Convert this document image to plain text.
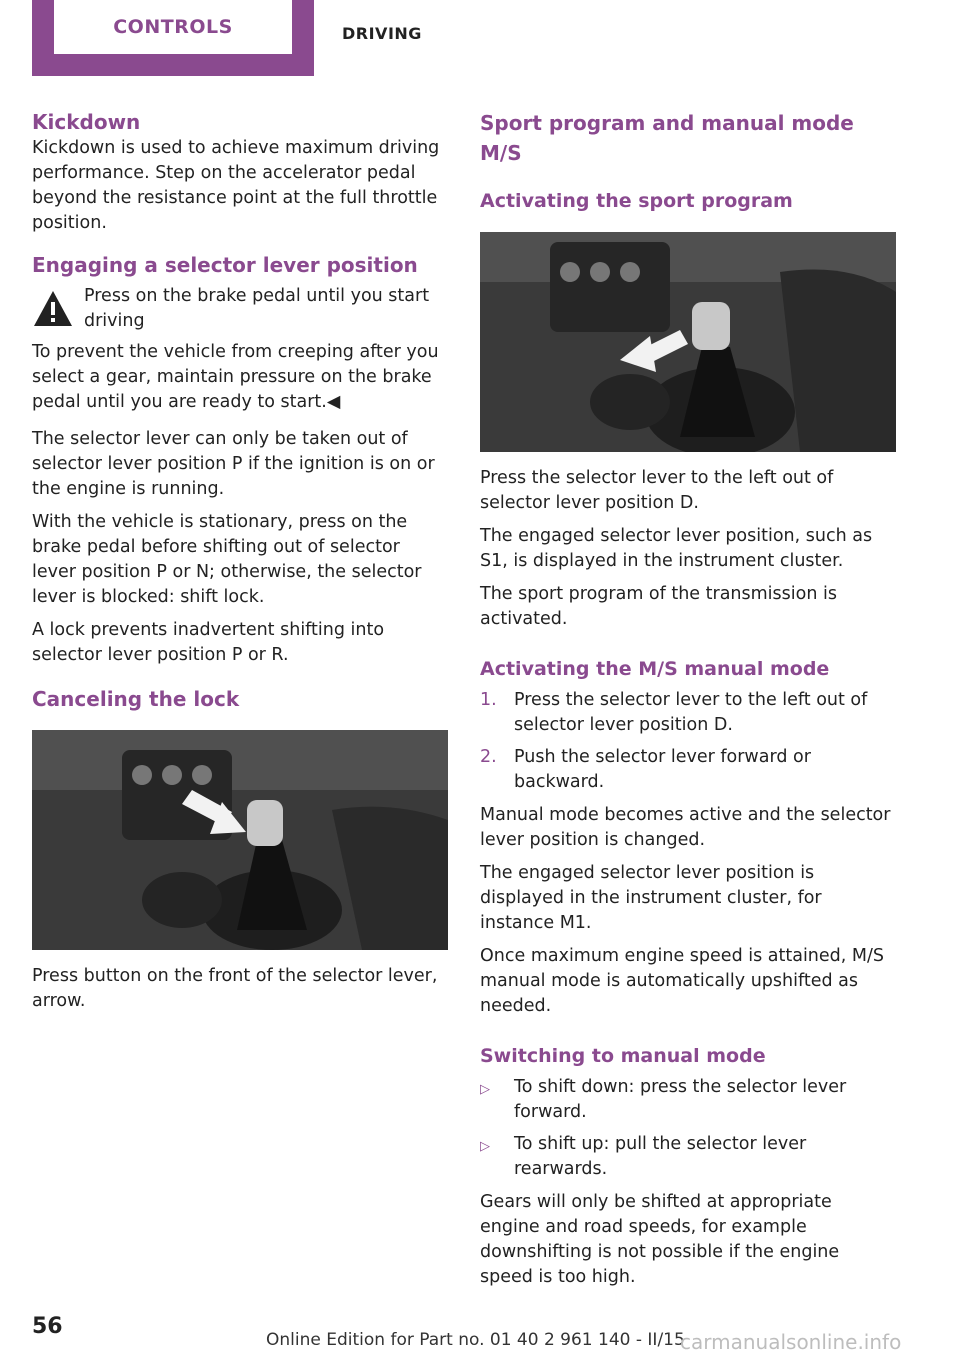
CONTROLS	DRIVING
Kickdown

Kickdown is used to achieve maximum driving performance. Step on the accelerator pedal beyond the resistance point at the full throttle position.

Engaging a selector lever position

Press on the brake pedal until you start driving

To prevent the vehicle from creeping after you select a gear, maintain pressure on the brake pedal until you are ready to start.◀

The selector lever can only be taken out of selector lever position P if the ignition is on or the engine is running.

With the vehicle is stationary, press on the brake pedal before shifting out of selector lever position P or N; otherwise, the selector lever is blocked: shift lock.

A lock prevents inadvertent shifting into selector lever position P or R.

Canceling the lock

Press button on the front of the selector lever, arrow.

Sport program and manual mode M/S
Activating the sport program

Press the selector lever to the left out of selector lever position D.

The engaged selector lever position, such as S1, is displayed in the instrument cluster.

The sport program of the transmission is activated.

Activating the M/S manual mode
1. Press the selector lever to the left out of selector lever position D.
2. Push the selector lever forward or backward.

Manual mode becomes active and the selector lever position is changed.

The engaged selector lever position is displayed in the instrument cluster, for instance M1.

Once maximum engine speed is attained, M/S manual mode is automatically upshifted as needed.

Switching to manual mode
▷	To shift down: press the selector lever forward.
▷	To shift up: pull the selector lever rearwards.

Gears will only be shifted at appropriate engine and road speeds, for example downshifting is not possible if the engine speed is too high.

56
Online Edition for Part no. 01 40 2 961 140 - II/15
carmanualsonline.info
